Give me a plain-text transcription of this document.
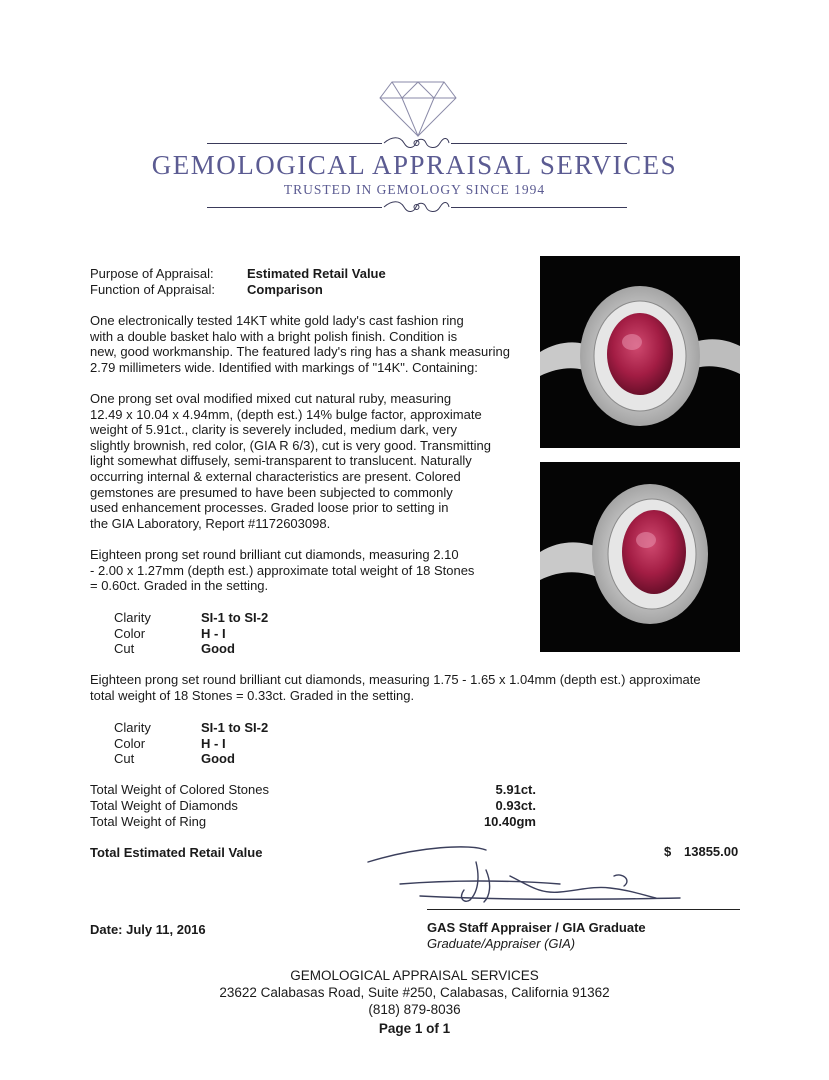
GEMOLOGICAL APPRAISAL SERVICES
TRUSTED IN GEMOLOGY SINCE 1994
Purpose of Appraisal:	Estimated Retail Value
Function of Appraisal: Comparison
One electronically tested 14KT white gold lady's cast fashion ring
with a double basket halo with a bright polish finish. Condition is
new, good workmanship. The featured lady's ring has a shank measuring
2.79 millimeters wide. Identified with markings of "14K". Containing:
One prong set oval modified mixed cut natural ruby, measuring
12.49 x 10.04 x 4.94mm, (depth est.) 14% bulge factor, approximate
weight of 5.91ct., clarity is severely included, medium dark, very
slightly brownish, red color, (GIA R 6/3), cut is very good. Transmitting
light somewhat diffusely, semi-transparent to translucent. Naturally
occurring internal & external characteristics are present. Colored
gemstones are presumed to have been subjected to commonly
used enhancement processes. Graded loose prior to setting in
the GIA Laboratory, Report #1172603098.
Eighteen prong set round brilliant cut diamonds, measuring 2.10
- 2.00 x 1.27mm (depth est.) approximate total weight of 18 Stones
= 0.60ct. Graded in the setting.
Clarity	SI-1 to SI-2
Color	H - I
Cut	Good
Eighteen prong set round brilliant cut diamonds, measuring 1.75 - 1.65 x 1.04mm (depth est.) approximate
total weight of 18 Stones = 0.33ct. Graded in the setting.
Clarity	SI-1 to SI-2
Color	H - I
Cut	Good
Total Weight of Colored Stones	5.91ct.
Total Weight of Diamonds	0.93ct.
Total Weight of Ring	10.40gm
Total Estimated Retail Value	$ 13855.00
GAS Staff Appraiser / GIA Graduate
Graduate/Appraiser (GIA)
Date: July 11, 2016
GEMOLOGICAL APPRAISAL SERVICES
23622 Calabasas Road, Suite #250, Calabasas, California 91362
(818) 879-8036
Page 1 of 1
